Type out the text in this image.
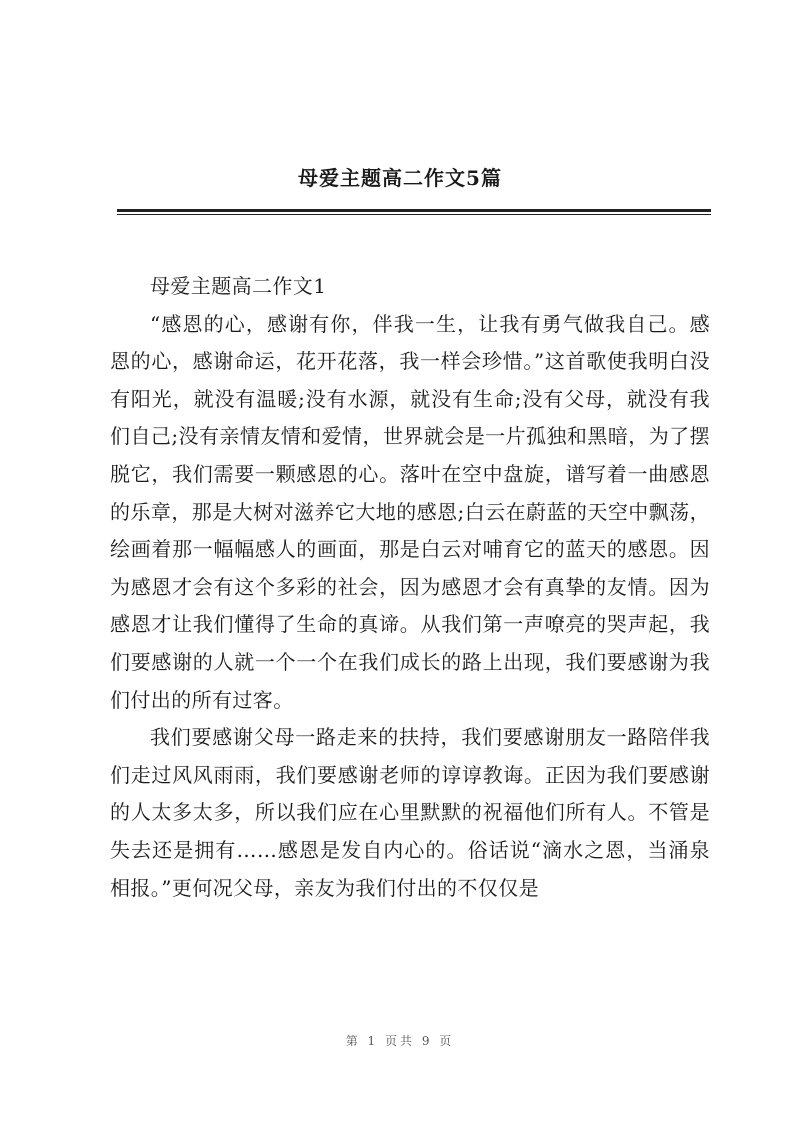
母爱主题高二作文5篇

母爱主题高二作文1

“感恩的心，感谢有你，伴我一生，让我有勇气做我自己。感恩的心，感谢命运，花开花落，我一样会珍惜。”这首歌使我明白没有阳光，就没有温暖;没有水源，就没有生命;没有父母，就没有我们自己;没有亲情友情和爱情，世界就会是一片孤独和黑暗，为了摆脱它，我们需要一颗感恩的心。落叶在空中盘旋，谱写着一曲感恩的乐章，那是大树对滋养它大地的感恩;白云在蔚蓝的天空中飘荡，绘画着那一幅幅感人的画面，那是白云对哺育它的蓝天的感恩。因为感恩才会有这个多彩的社会，因为感恩才会有真挚的友情。因为感恩才让我们懂得了生命的真谛。从我们第一声嘹亮的哭声起，我们要感谢的人就一个一个在我们成长的路上出现，我们要感谢为我们付出的所有过客。

我们要感谢父母一路走来的扶持，我们要感谢朋友一路陪伴我们走过风风雨雨，我们要感谢老师的谆谆教诲。正因为我们要感谢的人太多太多，所以我们应在心里默默的祝福他们所有人。不管是失去还是拥有……感恩是发自内心的。俗话说“滴水之恩，当涌泉相报。”更何况父母，亲友为我们付出的不仅仅是

第 1 页共 9 页
